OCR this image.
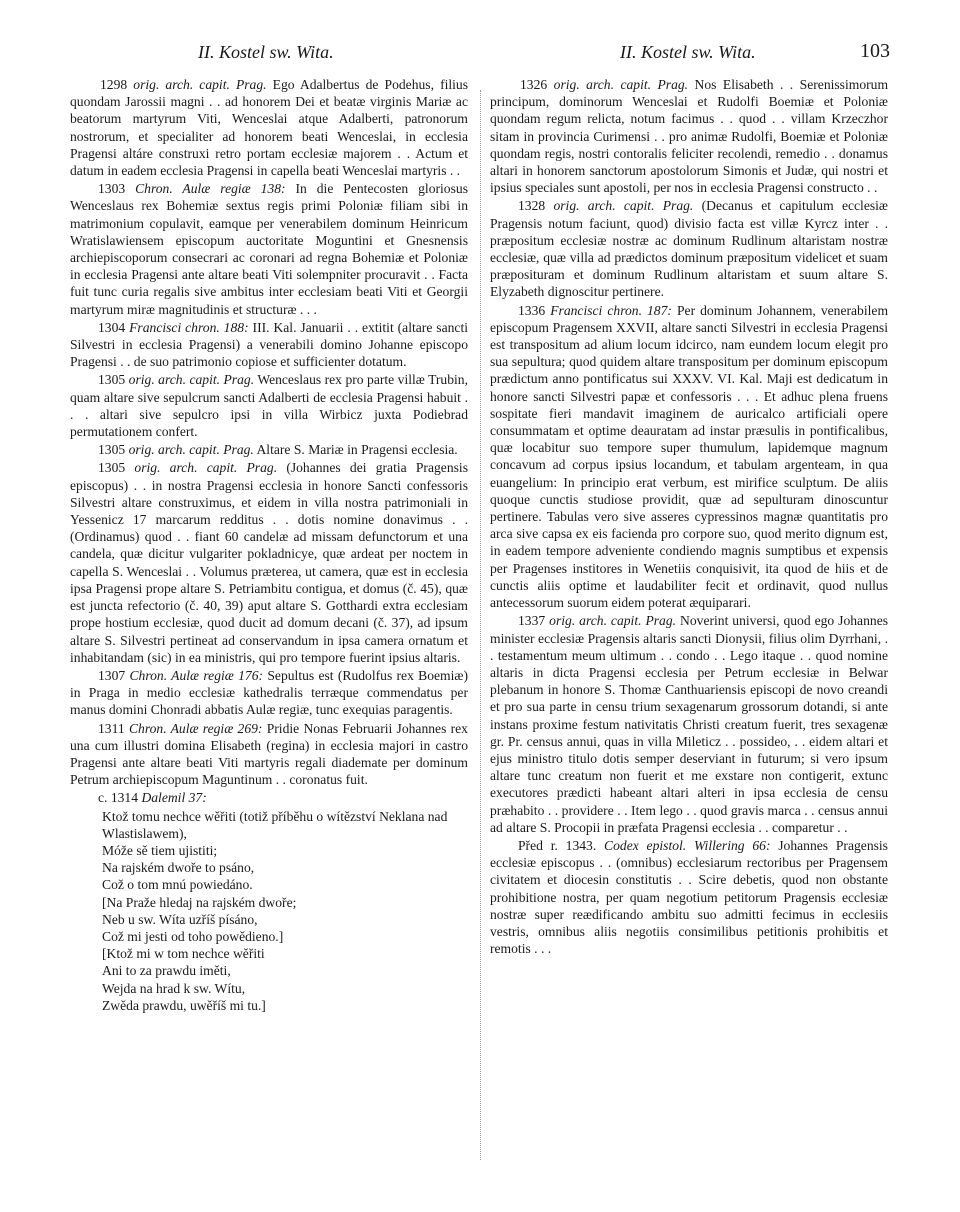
II. Kostel sw. Wita.	II. Kostel sw. Wita.	103

1298 orig. arch. capit. Prag. Ego Adalbertus de Podehus, filius quondam Jarossii magni . . ad honorem Dei et beatæ virginis Mariæ ac beatorum martyrum Viti, Wenceslai atque Adalberti, patronorum nostrorum, et specialiter ad honorem beati Wenceslai, in ecclesia Pragensi altáre construxi retro portam ecclesiæ majorem . . Actum et datum in eadem ecclesia Pragensi in capella beati Wenceslai martyris . .

1303 Chron. Aulæ regiæ 138: In die Pentecosten gloriosus Wenceslaus rex Bohemiæ sextus regis primi Poloniæ filiam sibi in matrimonium copulavit, eamque per venerabilem dominum Heinricum Wratislawiensem episcopum auctoritate Moguntini et Gnesnensis archiepiscoporum consecrari ac coronari ad regna Bohemiæ et Poloniæ in ecclesia Pragensi ante altare beati Viti solempniter procuravit . . Facta fuit tunc curia regalis sive ambitus inter ecclesiam beati Viti et Georgii martyrum miræ magnitudinis et structuræ . . .

1304 Francisci chron. 188: III. Kal. Januarii . . extitit (altare sancti Silvestri in ecclesia Pragensi) a venerabili domino Johanne episcopo Pragensi . . de suo patrimonio copiose et sufficienter dotatum.

1305 orig. arch. capit. Prag. Wenceslaus rex pro parte villæ Trubin, quam altare sive sepulcrum sancti Adalberti de ecclesia Pragensi habuit . . . altari sive sepulcro ipsi in villa Wirbicz juxta Podiebrad permutationem confert.

1305 orig. arch. capit. Prag. Altare S. Mariæ in Pragensi ecclesia.

1305 orig. arch. capit. Prag. (Johannes dei gratia Pragensis episcopus) . . in nostra Pragensi ecclesia in honore Sancti confessoris Silvestri altare construximus, et eidem in villa nostra patrimoniali in Yessenicz 17 marcarum redditus . . dotis nomine donavimus . . (Ordinamus) quod . . fiant 60 candelæ ad missam defunctorum et una candela, quæ dicitur vulgariter pokladnicye, quæ ardeat per noctem in capella S. Wenceslai . . Volumus præterea, ut camera, quæ est in ecclesia ipsa Pragensi prope altare S. Petriambitu contigua, et domus (č. 45), quæ est juncta refectorio (č. 40, 39) aput altare S. Gotthardi extra ecclesiam prope hostium ecclesiæ, quod ducit ad domum decani (č. 37), ad ipsum altare S. Silvestri pertineat ad conservandum in ipsa camera ornatum et inhabitandam (sic) in ea ministris, qui pro tempore fuerint ipsius altaris.

1307 Chron. Aulæ regiæ 176: Sepultus est (Rudolfus rex Boemiæ) in Praga in medio ecclesiæ kathedralis terræque commendatus per manus domini Chonradi abbatis Aulæ regiæ, tunc exequias paragentis.

1311 Chron. Aulæ regiæ 269: Pridie Nonas Februarii Johannes rex una cum illustri domina Elisabeth (regina) in ecclesia majori in castro Pragensi ante altare beati Viti martyris regali diademate per dominum Petrum archiepiscopum Maguntinum . . coronatus fuit.

c. 1314 Dalemil 37:

Ktož tomu nechce wěřiti (totiž příběhu o wítězství Neklana nad Wlastislawem),
Móže sě tiem ujistiti;
Na rajském dwoře to psáno,
Což o tom mnú powiedáno.
[Na Praže hledaj na rajském dwoře;
Neb u sw. Wíta uzříš písáno,
Což mi jesti od toho powědieno.]
[Ktož mi w tom nechce wěřiti
Ani to za prawdu iměti,
Wejda na hrad k sw. Wítu,
Zwěda prawdu, uwěříš mi tu.]

1326 orig. arch. capit. Prag. Nos Elisabeth . . Serenissimorum principum, dominorum Wenceslai et Rudolfi Boemiæ et Poloniæ quondam regum relicta, notum facimus . . quod . . villam Krzeczhor sitam in provincia Curimensi . . pro animæ Rudolfi, Boemiæ et Poloniæ quondam regis, nostri contoralis feliciter recolendi, remedio . . donamus altari in honorem sanctorum apostolorum Simonis et Judæ, qui nostri et ipsius speciales sunt apostoli, per nos in ecclesia Pragensi constructo . .

1328 orig. arch. capit. Prag. (Decanus et capitulum ecclesiæ Pragensis notum faciunt, quod) divisio facta est villæ Kyrcz inter . . præpositum ecclesiæ nostræ ac dominum Rudlinum altaristam nostræ ecclesiæ, quæ villa ad prædictos dominum præpositum videlicet et suam præposituram et dominum Rudlinum altaristam et suum altare S. Elyzabeth dignoscitur pertinere.

1336 Francisci chron. 187: Per dominum Johannem, venerabilem episcopum Pragensem XXVII, altare sancti Silvestri in ecclesia Pragensi est transpositum ad alium locum idcirco, nam eundem locum elegit pro sua sepultura; quod quidem altare transpositum per dominum episcopum prædictum anno pontificatus sui XXXV. VI. Kal. Maji est dedicatum in honore sancti Silvestri papæ et confessoris . . . Et adhuc plena fruens sospitate fieri mandavit imaginem de auricalco artificiali opere consummatam et optime deauratam ad instar præsulis in pontificalibus, quæ locabitur suo tempore super thumulum, lapidemque magnum concavum ad corpus ipsius locandum, et tabulam argenteam, in qua euangelium: In principio erat verbum, est mirifice sculptum. De aliis quoque cunctis studiose providit, quæ ad sepulturam dinoscuntur pertinere. Tabulas vero sive asseres cypressinos magnæ quantitatis pro arca sive capsa ex eis facienda pro corpore suo, quod merito dignum est, in eadem tempore adveniente condiendo magnis sumptibus et expensis per Pragenses institores in Wenetiis conquisivit, ita quod de hiis et de cunctis aliis optime et laudabiliter fecit et ordinavit, quod nullus antecessorum suorum eidem poterat æquiparari.

1337 orig. arch. capit. Prag. Noverint universi, quod ego Johannes minister ecclesiæ Pragensis altaris sancti Dionysii, filius olim Dyrrhani, . . testamentum meum ultimum . . condo . . Lego itaque . . quod nomine altaris in dicta Pragensi ecclesia per Petrum ecclesiæ in Belwar plebanum in honore S. Thomæ Canthuariensis episcopi de novo creandi et pro sua parte in censu trium sexagenarum grossorum dotandi, si ante instans proxime festum nativitatis Christi creatum fuerit, tres sexagenæ gr. Pr. census annui, quas in villa Mileticz . . possideo, . . eidem altari et ejus ministro titulo dotis semper deserviant in futurum; si vero ipsum altare tunc creatum non fuerit et me exstare non contigerit, extunc executores prædicti habeant altari alteri in ipsa ecclesia de censu præhabito . . providere . . Item lego . . quod gravis marca . . census annui ad altare S. Procopii in præfata Pragensi ecclesia . . comparetur . .

Před r. 1343. Codex epistol. Willering 66: Johannes Pragensis ecclesiæ episcopus . . (omnibus) ecclesiarum rectoribus per Pragensem civitatem et diocesin constitutis . . Scire debetis, quod non obstante prohibitione nostra, per quam negotium petitorum Pragensis ecclesiæ nostræ super reædificando ambitu suo admitti fecimus in ecclesiis vestris, omnibus aliis negotiis consimilibus petitionis prohibitis et remotis . . .
